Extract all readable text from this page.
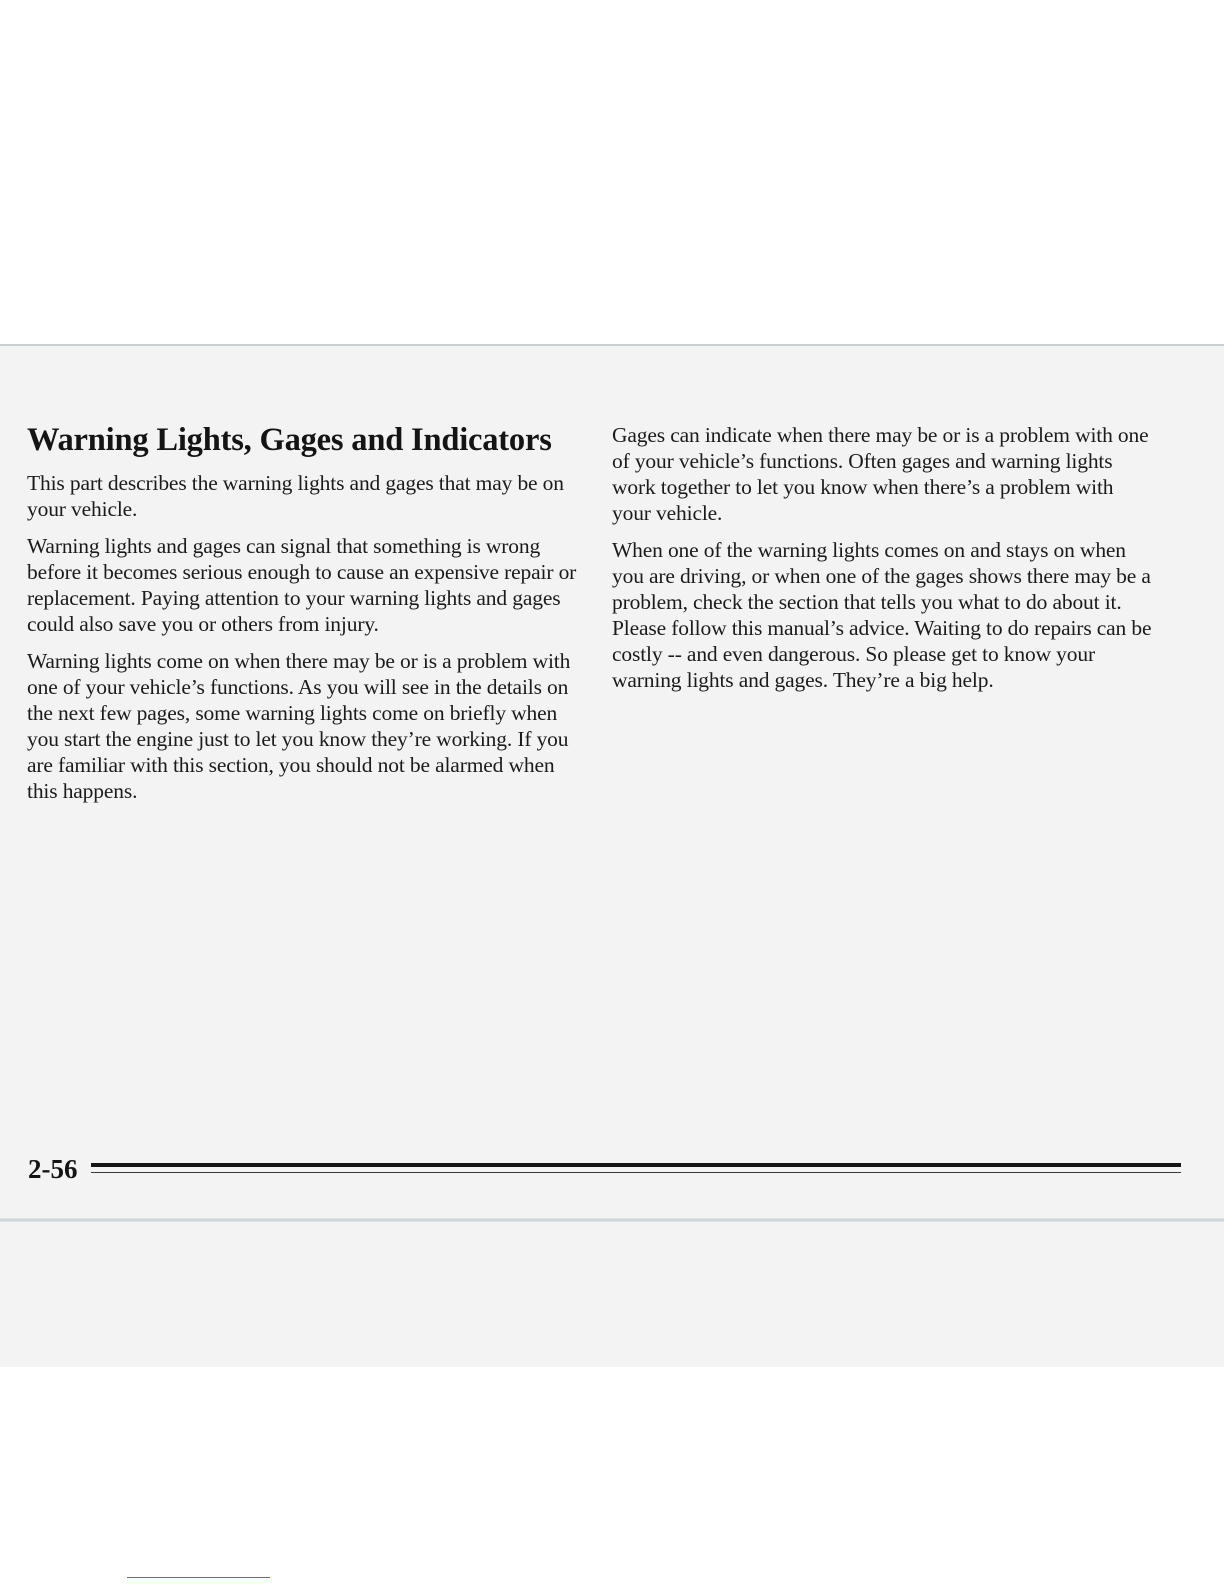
Warning Lights, Gages and Indicators

This part describes the warning lights and gages that may be on your vehicle.

Warning lights and gages can signal that something is wrong before it becomes serious enough to cause an expensive repair or replacement. Paying attention to your warning lights and gages could also save you or others from injury.

Warning lights come on when there may be or is a problem with one of your vehicle’s functions. As you will see in the details on the next few pages, some warning lights come on briefly when you start the engine just to let you know they’re working. If you are familiar with this section, you should not be alarmed when this happens.

Gages can indicate when there may be or is a problem with one of your vehicle’s functions. Often gages and warning lights work together to let you know when there’s a problem with your vehicle.

When one of the warning lights comes on and stays on when you are driving, or when one of the gages shows there may be a problem, check the section that tells you what to do about it. Please follow this manual’s advice. Waiting to do repairs can be costly -- and even dangerous. So please get to know your warning lights and gages. They’re a big help.

2-56
